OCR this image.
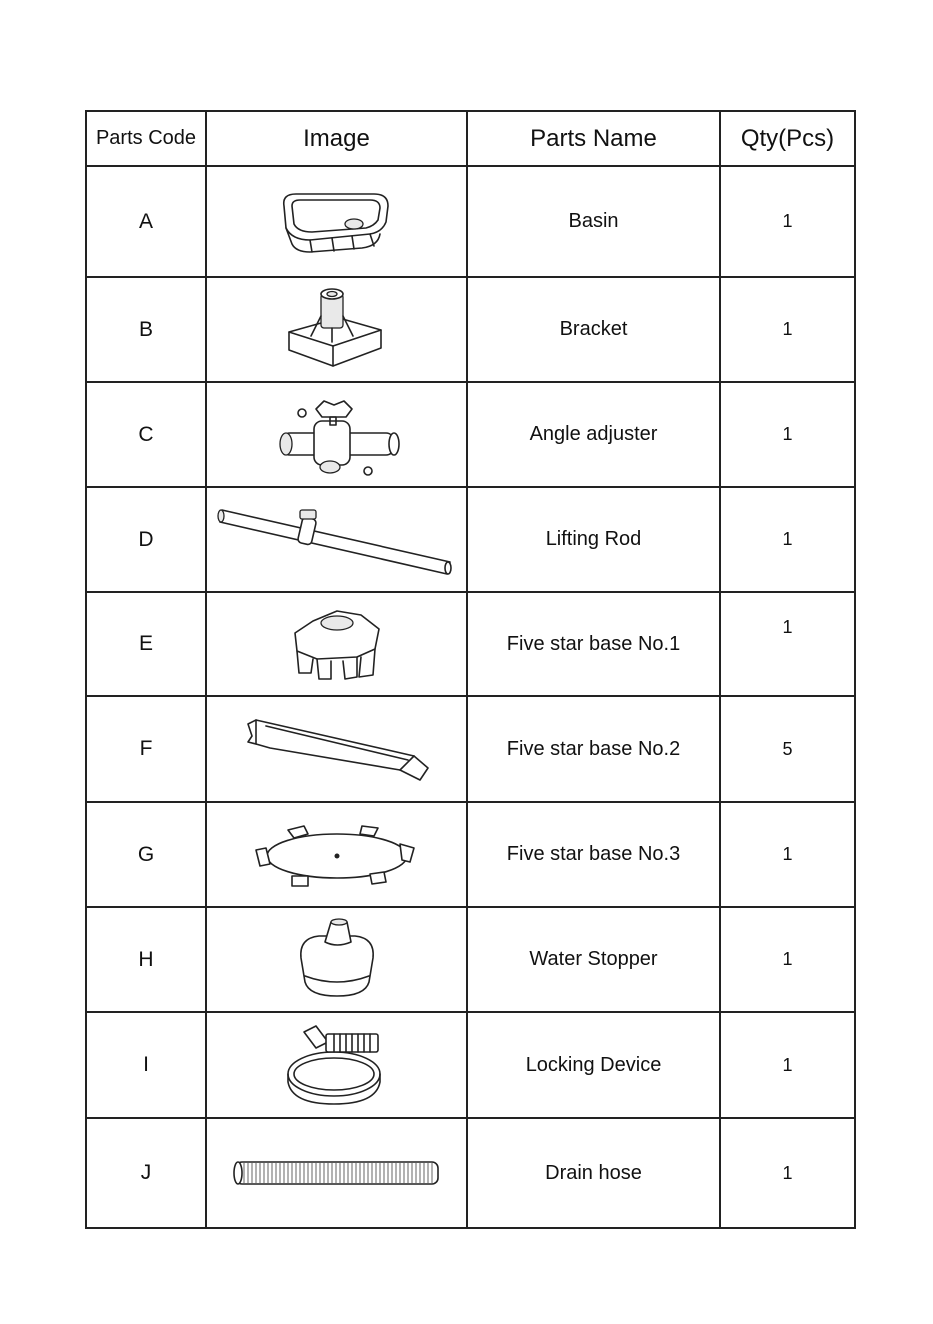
Parts Code	Image	Parts Name	Qty(Pcs)
A		Basin	1
B		Bracket	1
C		Angle adjuster	1
D		Lifting Rod	1
E		Five star base No.1	1
F		Five star base No.2	5
G		Five star base No.3	1
H		Water Stopper	1
I		Locking Device	1
J		Drain hose	1
